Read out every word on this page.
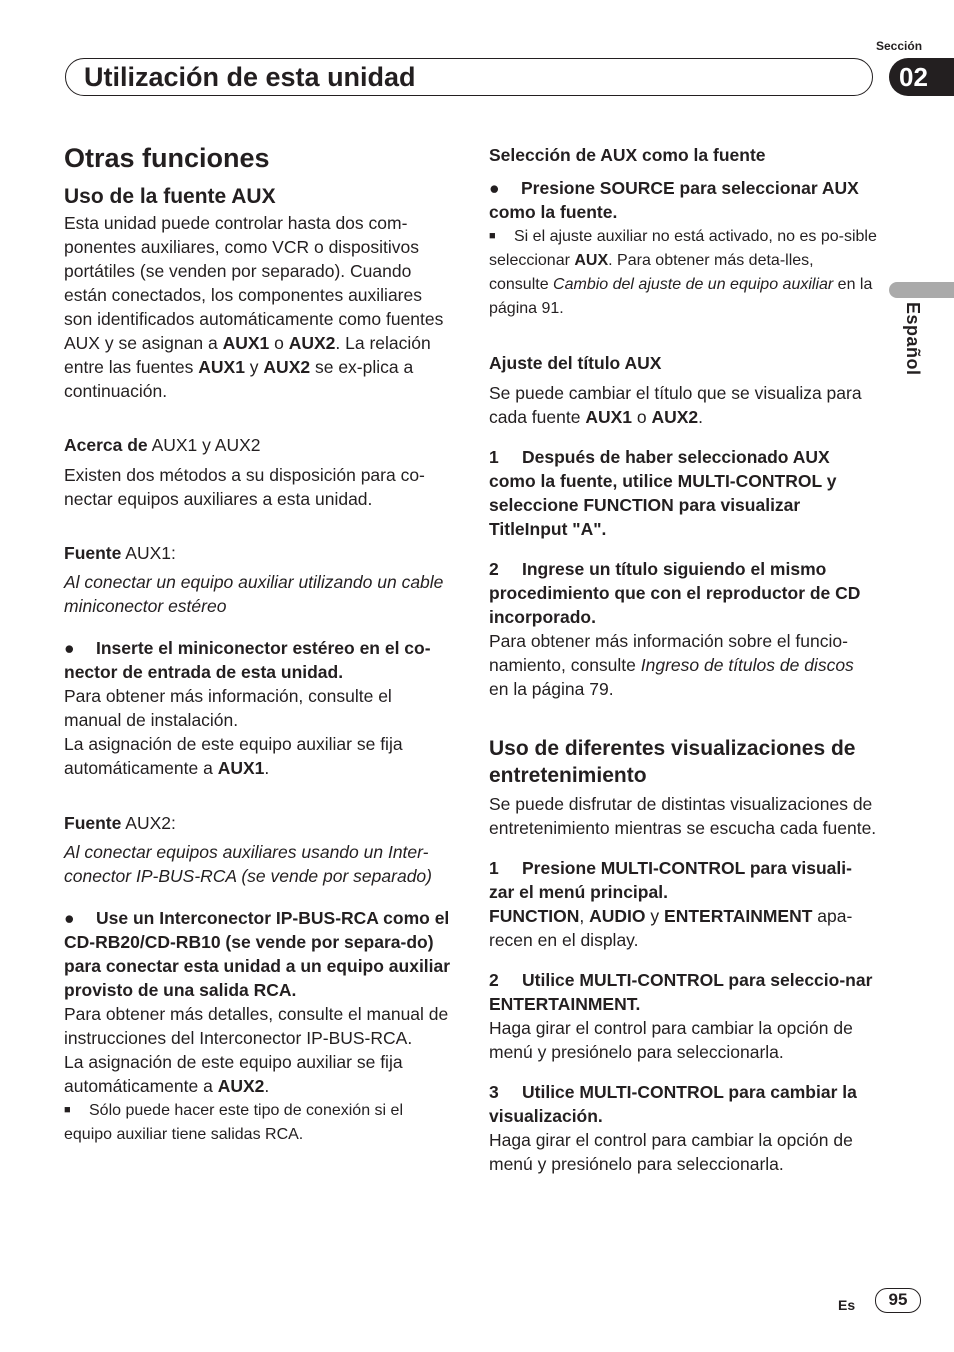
Utilización de esta unidad
Sección
02
Español
Otras funciones
Uso de la fuente AUX

Esta unidad puede controlar hasta dos com-ponentes auxiliares, como VCR o dispositivos portátiles (se venden por separado). Cuando están conectados, los componentes auxiliares son identificados automáticamente como fuentes AUX y se asignan a AUX1 o AUX2. La relación entre las fuentes AUX1 y AUX2 se ex-plica a continuación.

Acerca de AUX1 y AUX2

Existen dos métodos a su disposición para co-nectar equipos auxiliares a esta unidad.

Fuente AUX1:

Al conectar un equipo auxiliar utilizando un cable miniconector estéreo

● Inserte el miniconector estéreo en el co-nector de entrada de esta unidad.

Para obtener más información, consulte el manual de instalación.

La asignación de este equipo auxiliar se fija automáticamente a AUX1.

Fuente AUX2:

Al conectar equipos auxiliares usando un Inter-conector IP-BUS-RCA (se vende por separado)

● Use un Interconector IP-BUS-RCA como el CD-RB20/CD-RB10 (se vende por separa-do) para conectar esta unidad a un equipo auxiliar provisto de una salida RCA.

Para obtener más detalles, consulte el manual de instrucciones del Interconector IP-BUS-RCA.

La asignación de este equipo auxiliar se fija automáticamente a AUX2.

■ Sólo puede hacer este tipo de conexión si el equipo auxiliar tiene salidas RCA.

Selección de AUX como la fuente

● Presione SOURCE para seleccionar AUX como la fuente.

■ Si el ajuste auxiliar no está activado, no es po-sible seleccionar AUX. Para obtener más deta-lles, consulte Cambio del ajuste de un equipo auxiliar en la página 91.

Ajuste del título AUX

Se puede cambiar el título que se visualiza para cada fuente AUX1 o AUX2.

1 Después de haber seleccionado AUX como la fuente, utilice MULTI-CONTROL y seleccione FUNCTION para visualizar TitleInput "A".

2 Ingrese un título siguiendo el mismo procedimiento que con el reproductor de CD incorporado.

Para obtener más información sobre el funcio-namiento, consulte Ingreso de títulos de discos en la página 79.

Uso de diferentes visualizaciones de entretenimiento

Se puede disfrutar de distintas visualizaciones de entretenimiento mientras se escucha cada fuente.

1 Presione MULTI-CONTROL para visuali-zar el menú principal.

FUNCTION, AUDIO y ENTERTAINMENT apa-recen en el display.

2 Utilice MULTI-CONTROL para seleccio-nar ENTERTAINMENT.

Haga girar el control para cambiar la opción de menú y presiónelo para seleccionarla.

3 Utilice MULTI-CONTROL para cambiar la visualización.

Haga girar el control para cambiar la opción de menú y presiónelo para seleccionarla.

Es	95
